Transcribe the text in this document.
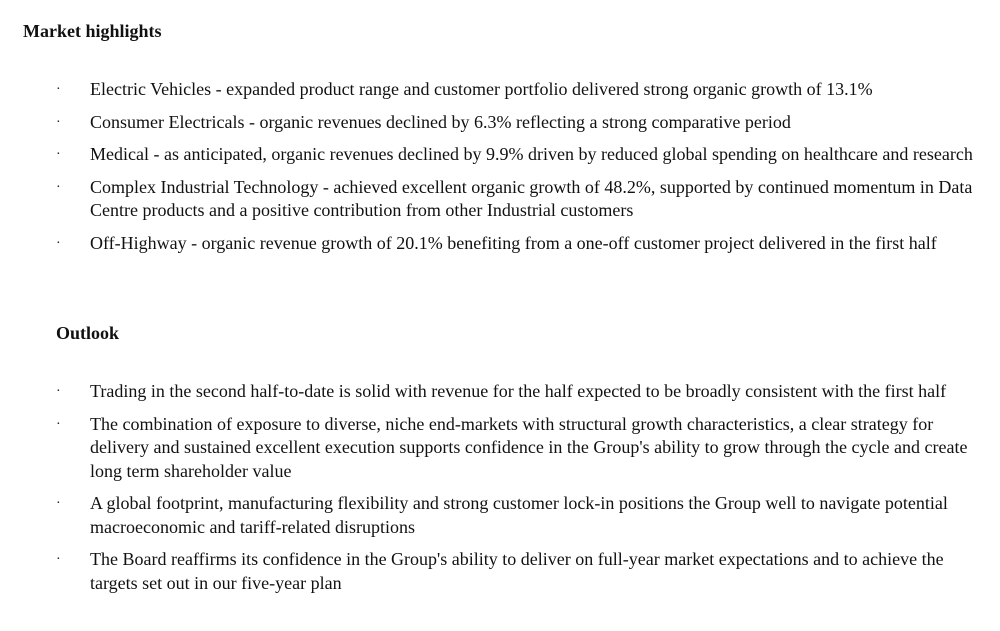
Market highlights
· Electric Vehicles - expanded product range and customer portfolio delivered strong organic growth of 13.1%
· Consumer Electricals - organic revenues declined by 6.3% reflecting a strong comparative period
· Medical - as anticipated, organic revenues declined by 9.9% driven by reduced global spending on healthcare and research
· Complex Industrial Technology - achieved excellent organic growth of 48.2%, supported by continued momentum in Data Centre products and a positive contribution from other Industrial customers
· Off-Highway - organic revenue growth of 20.1% benefiting from a one-off customer project delivered in the first half
Outlook
· Trading in the second half-to-date is solid with revenue for the half expected to be broadly consistent with the first half
· The combination of exposure to diverse, niche end-markets with structural growth characteristics, a clear strategy for delivery and sustained excellent execution supports confidence in the Group's ability to grow through the cycle and create long term shareholder value
· A global footprint, manufacturing flexibility and strong customer lock-in positions the Group well to navigate potential macroeconomic and tariff-related disruptions
· The Board reaffirms its confidence in the Group's ability to deliver on full-year market expectations and to achieve the targets set out in our five-year plan
